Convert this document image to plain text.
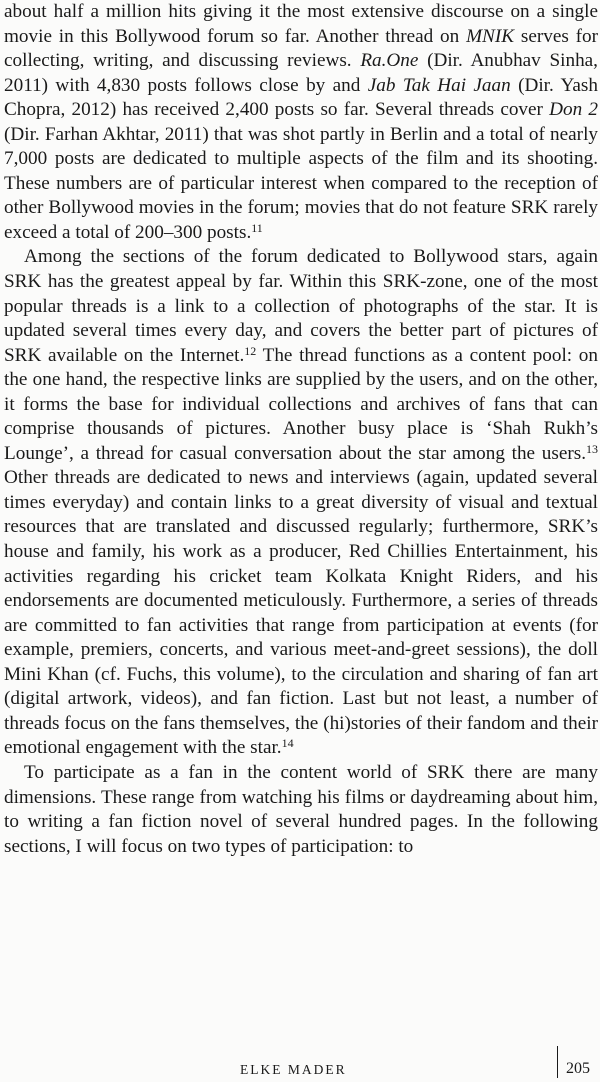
about half a million hits giving it the most extensive discourse on a single movie in this Bollywood forum so far. Another thread on MNIK serves for collecting, writing, and discussing reviews. Ra.One (Dir. Anubhav Sinha, 2011) with 4,830 posts follows close by and Jab Tak Hai Jaan (Dir. Yash Chopra, 2012) has received 2,400 posts so far. Several threads cover Don 2 (Dir. Farhan Akhtar, 2011) that was shot partly in Berlin and a total of nearly 7,000 posts are dedicated to multiple aspects of the film and its shooting. These numbers are of particular interest when compared to the reception of other Bollywood movies in the forum; movies that do not feature SRK rarely exceed a total of 200–300 posts.$^{11}$

Among the sections of the forum dedicated to Bollywood stars, again SRK has the greatest appeal by far. Within this SRK-zone, one of the most popular threads is a link to a collection of photographs of the star. It is updated several times every day, and covers the better part of pictures of SRK available on the Internet.$^{12}$ The thread functions as a content pool: on the one hand, the respective links are supplied by the users, and on the other, it forms the base for individual collections and archives of fans that can comprise thousands of pictures. Another busy place is ‘Shah Rukh’s Lounge’, a thread for casual conversation about the star among the users.$^{13}$ Other threads are dedicated to news and interviews (again, updated several times everyday) and contain links to a great diversity of visual and textual resources that are translated and discussed regularly; furthermore, SRK’s house and family, his work as a producer, Red Chillies Entertainment, his activities regarding his cricket team Kolkata Knight Riders, and his endorsements are documented meticulously. Furthermore, a series of threads are committed to fan activities that range from participation at events (for example, premiers, concerts, and various meet-and-greet sessions), the doll Mini Khan (cf. Fuchs, this volume), to the circulation and sharing of fan art (digital artwork, videos), and fan fiction. Last but not least, a number of threads focus on the fans themselves, the (hi)stories of their fandom and their emotional engagement with the star.$^{14}$

To participate as a fan in the content world of SRK there are many dimensions. These range from watching his films or daydreaming about him, to writing a fan fiction novel of several hundred pages. In the following sections, I will focus on two types of participation: to

ELKE MADER	205
